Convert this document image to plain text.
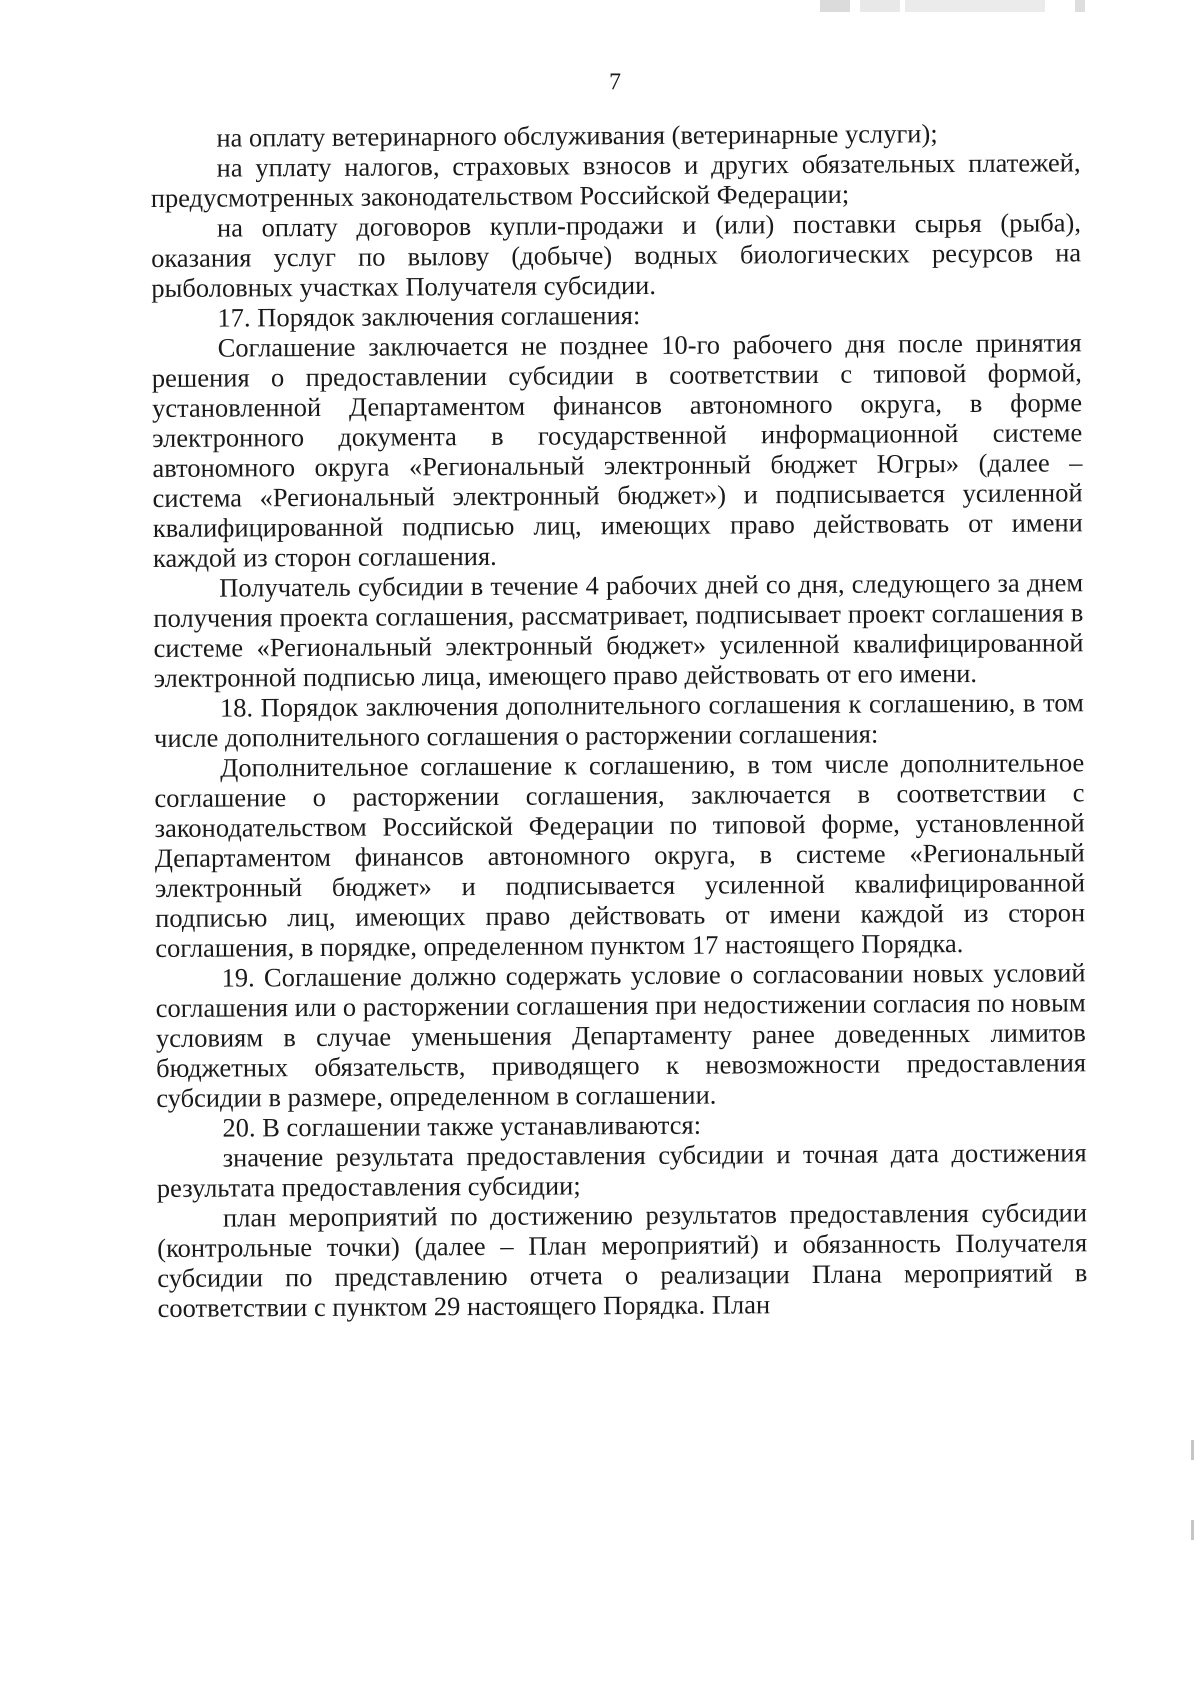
7

на оплату ветеринарного обслуживания (ветеринарные услуги);

на уплату налогов, страховых взносов и других обязательных платежей, предусмотренных законодательством Российской Федерации;

на оплату договоров купли-продажи и (или) поставки сырья (рыба), оказания услуг по вылову (добыче) водных биологических ресурсов на рыболовных участках Получателя субсидии.

17. Порядок заключения соглашения:

Соглашение заключается не позднее 10-го рабочего дня после принятия решения о предоставлении субсидии в соответствии с типовой формой, установленной Департаментом финансов автономного округа, в форме электронного документа в государственной информационной системе автономного округа «Региональный электронный бюджет Югры» (далее – система «Региональный электронный бюджет») и подписывается усиленной квалифицированной подписью лиц, имеющих право действовать от имени каждой из сторон соглашения.

Получатель субсидии в течение 4 рабочих дней со дня, следующего за днем получения проекта соглашения, рассматривает, подписывает проект соглашения в системе «Региональный электронный бюджет» усиленной квалифицированной электронной подписью лица, имеющего право действовать от его имени.

18. Порядок заключения дополнительного соглашения к соглашению, в том числе дополнительного соглашения о расторжении соглашения:

Дополнительное соглашение к соглашению, в том числе дополнительное соглашение о расторжении соглашения, заключается в соответствии с законодательством Российской Федерации по типовой форме, установленной Департаментом финансов автономного округа, в системе «Региональный электронный бюджет» и подписывается усиленной квалифицированной подписью лиц, имеющих право действовать от имени каждой из сторон соглашения, в порядке, определенном пунктом 17 настоящего Порядка.

19. Соглашение должно содержать условие о согласовании новых условий соглашения или о расторжении соглашения при недостижении согласия по новым условиям в случае уменьшения Департаменту ранее доведенных лимитов бюджетных обязательств, приводящего к невозможности предоставления субсидии в размере, определенном в соглашении.

20. В соглашении также устанавливаются:

значение результата предоставления субсидии и точная дата достижения результата предоставления субсидии;

план мероприятий по достижению результатов предоставления субсидии (контрольные точки) (далее – План мероприятий) и обязанность Получателя субсидии по представлению отчета о реализации Плана мероприятий в соответствии с пунктом 29 настоящего Порядка. План
